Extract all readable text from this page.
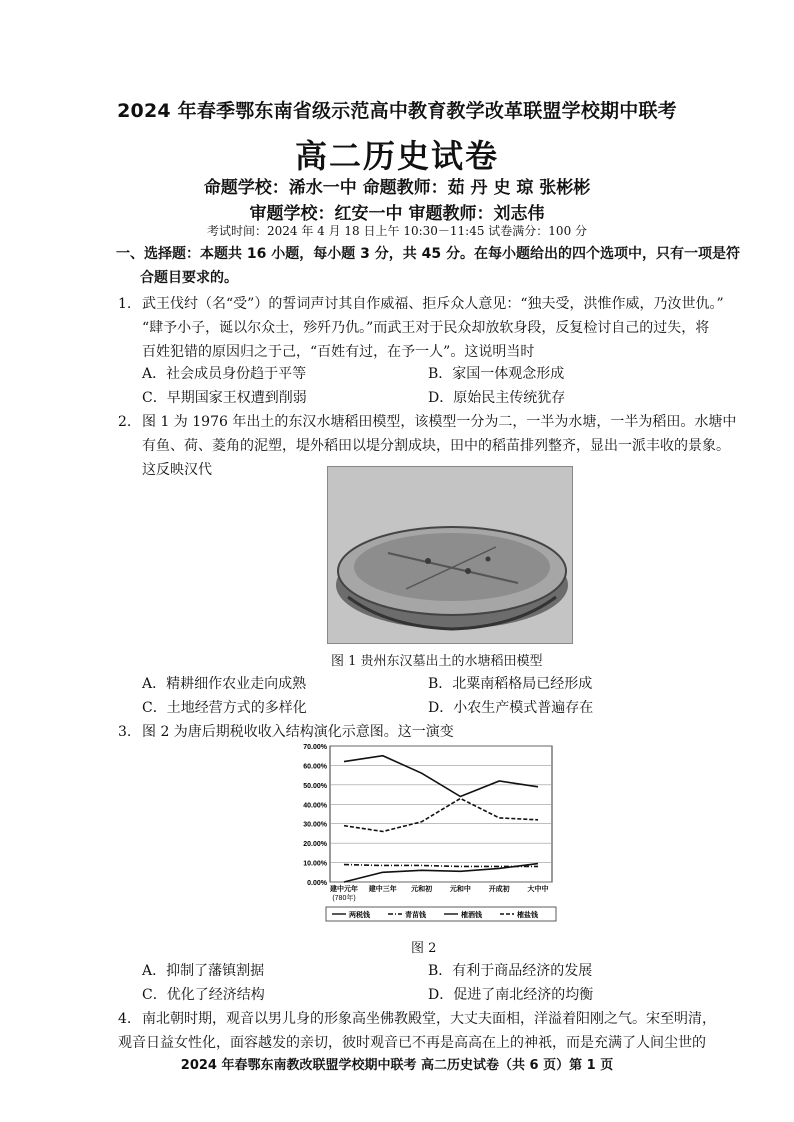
2024 年春季鄂东南省级示范高中教育教学改革联盟学校期中联考
高二历史试卷
命题学校：浠水一中 命题教师：茹 丹 史 琼 张彬彬
审题学校：红安一中 审题教师：刘志伟
考试时间：2024 年 4 月 18 日上午 10:30－11:45 试卷满分：100 分
一、选择题：本题共 16 小题，每小题 3 分，共 45 分。在每小题给出的四个选项中，只有一项是符
合题目要求的。
1. 武王伐纣（名“受”）的誓词声讨其自作威福、拒斥众人意见：“独夫受，洪惟作威，乃汝世仇。”
“肆予小子，诞以尔众士，殄歼乃仇。”而武王对于民众却放软身段，反复检讨自己的过失，将
百姓犯错的原因归之于己，“百姓有过，在予一人”。这说明当时
A．社会成员身份趋于平等	B．家国一体观念形成
C．早期国家王权遭到削弱	D．原始民主传统犹存
2. 图 1 为 1976 年出土的东汉水塘稻田模型，该模型一分为二，一半为水塘，一半为稻田。水塘中
有鱼、荷、菱角的泥塑，堤外稻田以堤分割成块，田中的稻苗排列整齐，显出一派丰收的景象。
这反映汉代
图 1 贵州东汉墓出土的水塘稻田模型
A．精耕细作农业走向成熟	B．北粟南稻格局已经形成
C．土地经营方式的多样化	D．小农生产模式普遍存在
3. 图 2 为唐后期税收收入结构演化示意图。这一演变
0.00%
10.00%
20.00%
30.00%
40.00%
50.00%
60.00%
70.00%
建中元年
(780年)
建中三年 元和初	元和中	开成初	大中中
两税钱	青苗钱	榷酒钱	榷盐钱
图 2
A．抑制了藩镇割据	B．有利于商品经济的发展
C．优化了经济结构	D．促进了南北经济的均衡
4. 南北朝时期，观音以男儿身的形象高坐佛教殿堂，大丈夫面相，洋溢着阳刚之气。宋至明清，
观音日益女性化，面容越发的亲切，彼时观音已不再是高高在上的神祇，而是充满了人间尘世的
2024 年春鄂东南教改联盟学校期中联考 高二历史试卷（共 6 页）第 1 页
